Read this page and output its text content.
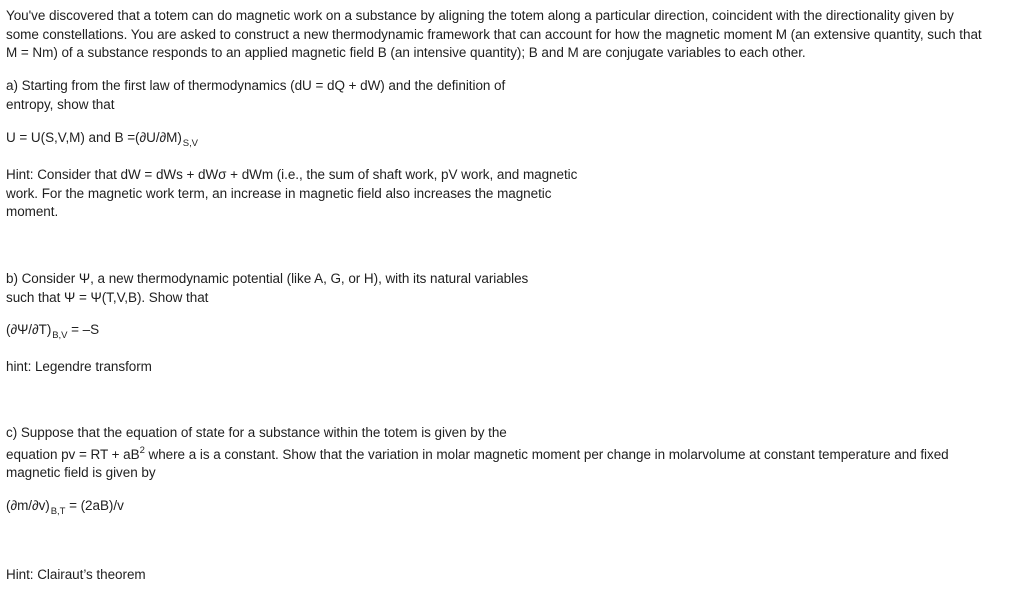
You've discovered that a totem can do magnetic work on a substance by aligning the totem along a particular direction, coincident with the directionality given by
some constellations. You are asked to construct a new thermodynamic framework that can account for how the magnetic moment M (an extensive quantity, such that
M = Nm) of a substance responds to an applied magnetic field B (an intensive quantity); B and M are conjugate variables to each other.
a) Starting from the first law of thermodynamics (dU = dQ + dW) and the definition of
entropy, show that
U = U(S,V,M) and $B =(\partial U/\partial M)_{S,V}$
Hint: Consider that dW = dWs + dWσ + dWm (i.e., the sum of shaft work, pV work, and magnetic
work. For the magnetic work term, an increase in magnetic field also increases the magnetic
moment.
b) Consider Ψ, a new thermodynamic potential (like A, G, or H), with its natural variables
such that Ψ = Ψ(T,V,B). Show that
$(\partial\Psi/\partial T)_{B,V} = -S$
hint: Legendre transform
c) Suppose that the equation of state for a substance within the totem is given by the
equation pv = RT + $aB^2$ where a is a constant. Show that the variation in molar magnetic moment per change in molarvolume at constant temperature and fixed
magnetic field is given by
$(\partial m/\partial v)_{B,T} = (2aB)/v$
Hint: Clairaut’s theorem
